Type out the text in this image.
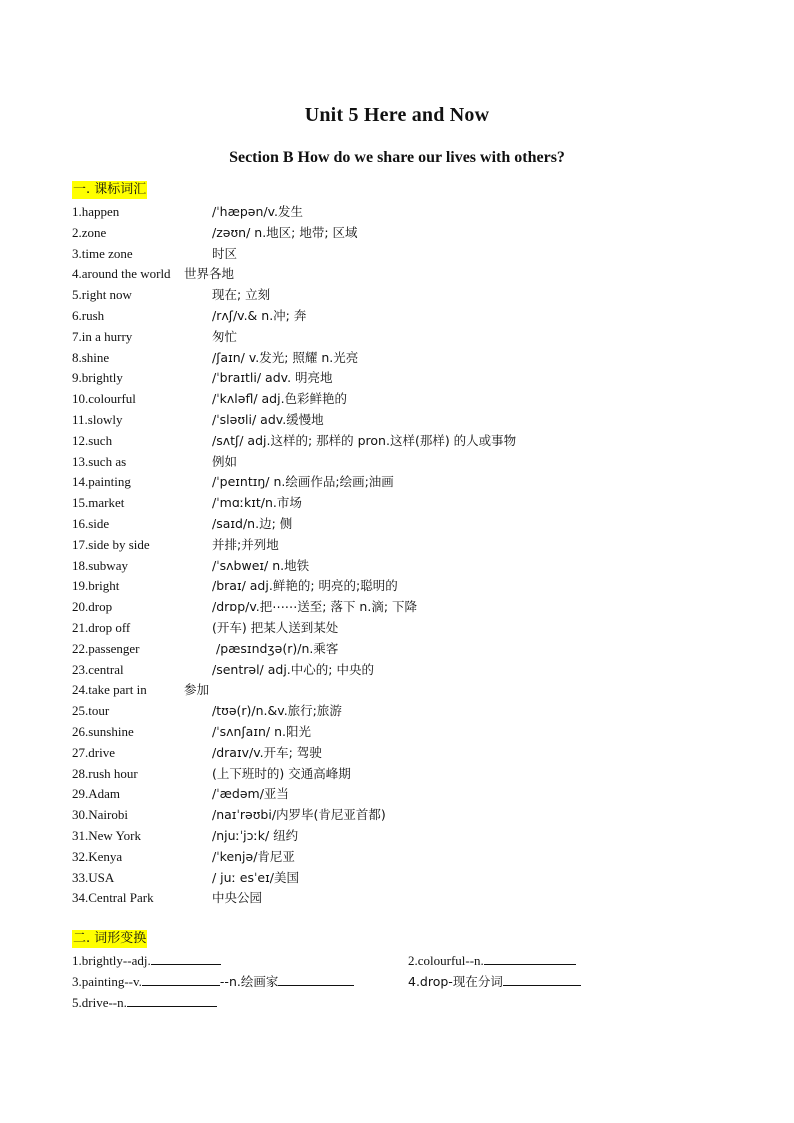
Unit 5 Here and Now
Section B How do we share our lives with others?
一. 课标词汇
1.happen	/ˈhæpən/v.发生
2.zone	/zəʊn/ n.地区; 地带; 区域
3.time zone	时区
4.around the world 世界各地
5.right now	现在; 立刻
6.rush	/rʌʃ/v.& n.冲; 奔
7.in a hurry	匆忙
8.shine	/ʃaɪn/ v.发光; 照耀 n.光亮
9.brightly	/ˈbraɪtli/ adv. 明亮地
10.colourful	/ˈkʌləfl/ adj.色彩鲜艳的
11.slowly	/ˈsləʊli/ adv.缓慢地
12.such	/sʌtʃ/ adj.这样的; 那样的 pron.这样(那样) 的人或事物
13.such as	例如
14.painting	/ˈpeɪntɪŋ/ n.绘画作品;绘画;油画
15.market	/ˈmɑːkɪt/n.市场
16.side	/saɪd/n.边; 侧
17.side by side	并排;并列地
18.subway	/ˈsʌbweɪ/ n.地铁
19.bright	/braɪ/ adj.鲜艳的; 明亮的;聪明的
20.drop	/drɒp/v.把⋯⋯送至; 落下 n.滴; 下降
21.drop off	(开车) 把某人送到某处
22.passenger	/pæsɪndʒə(r)/n.乘客
23.central	/sentrəl/ adj.中心的; 中央的
24.take part in	参加
25.tour	/tʊə(r)/n.&v.旅行;旅游
26.sunshine	/ˈsʌnʃaɪn/ n.阳光
27.drive	/draɪv/v.开车; 驾驶
28.rush hour	(上下班时的) 交通高峰期
29.Adam	/ˈædəm/亚当
30.Nairobi	/naɪˈrəʊbi/内罗毕(肯尼亚首都)
31.New York	/njuːˈjɔːk/ 纽约
32.Kenya	/ˈkenjə/肯尼亚
33.USA	/ juː esˈeɪ/美国
34.Central Park	中央公园
二. 词形变换
1.brightly--adj.	2.colourful--n.
3.painting--v.	--n.绘画家	4.drop-现在分词
5.drive--n.
